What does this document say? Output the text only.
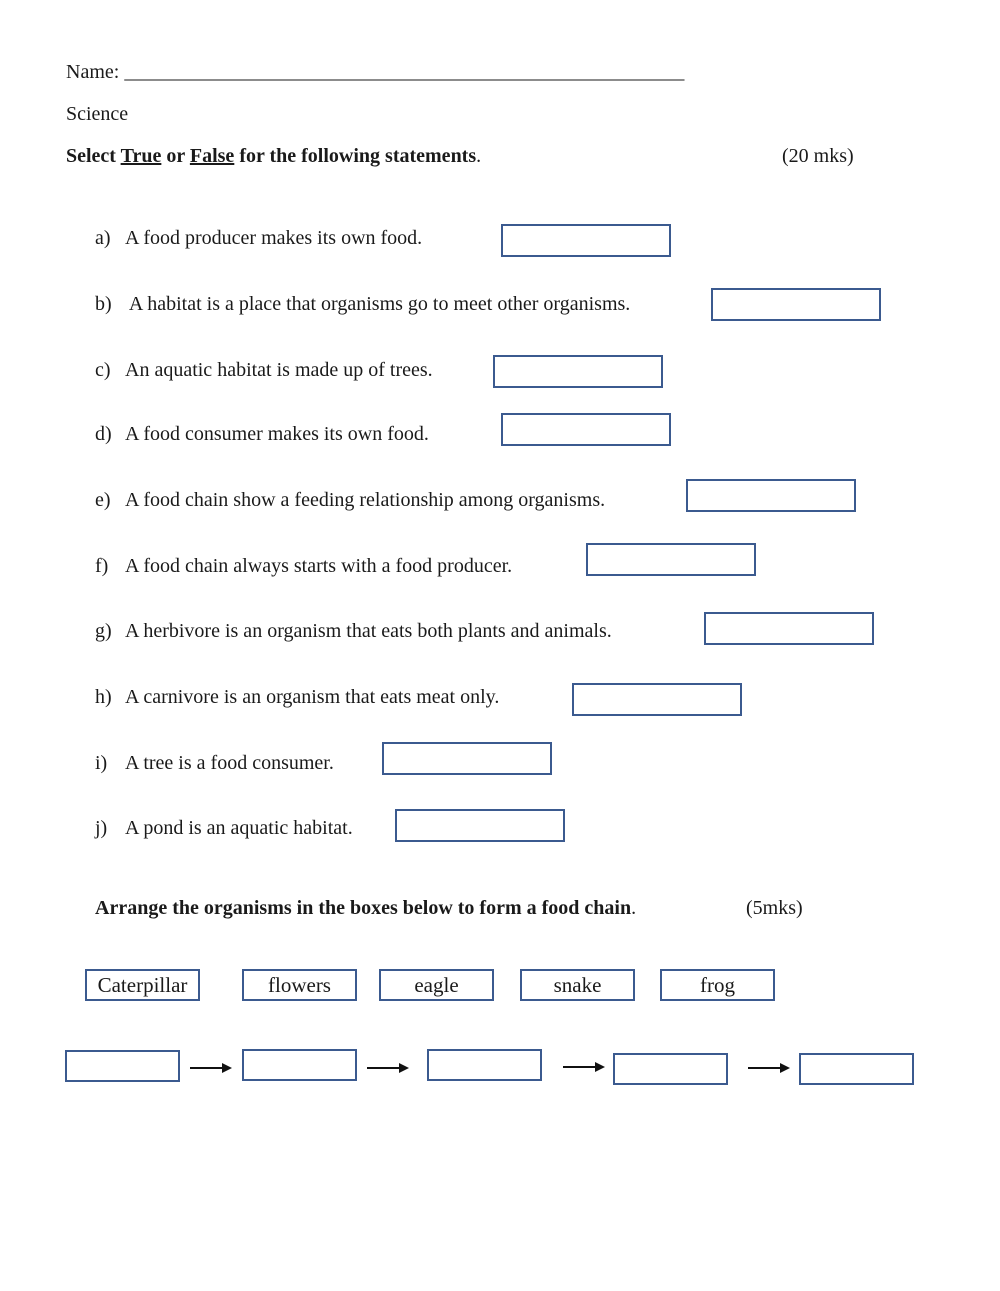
Name: ________________________________________________________
Science
Select True or False for the following statements.	(20 mks)
a) A food producer makes its own food.
b) A habitat is a place that organisms go to meet other organisms.
c) An aquatic habitat is made up of trees.
d) A food consumer makes its own food.
e) A food chain show a feeding relationship among organisms.
f) A food chain always starts with a food producer.
g) A herbivore is an organism that eats both plants and animals.
h) A carnivore is an organism that eats meat only.
i) A tree is a food consumer.
j) A pond is an aquatic habitat.
Arrange the organisms in the boxes below to form a food chain.	(5mks)
Caterpillar	flowers	eagle	snake	frog
